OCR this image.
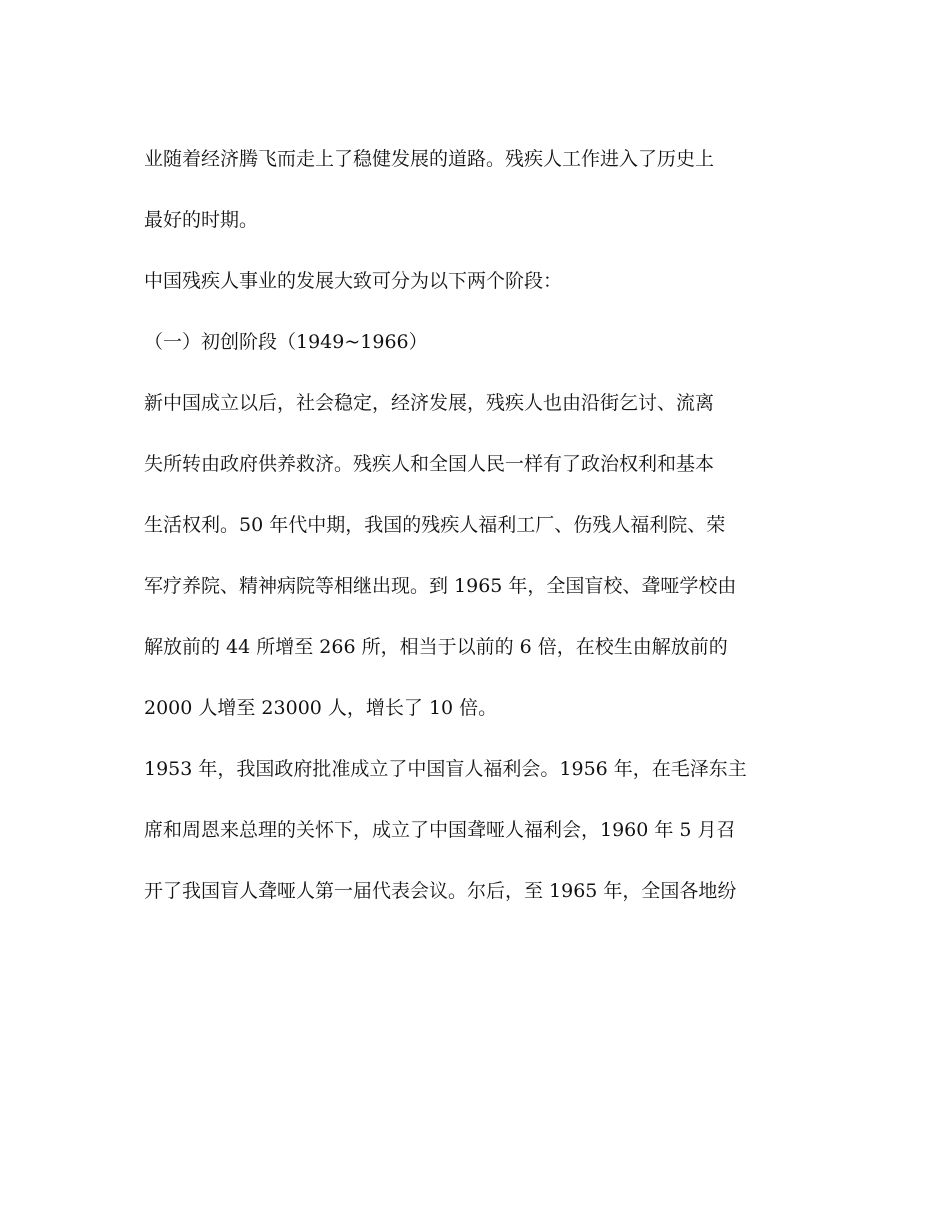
业随着经济腾飞而走上了稳健发展的道路。残疾人工作进入了历史上
最好的时期。
中国残疾人事业的发展大致可分为以下两个阶段：
（一）初创阶段（1949~1966）
新中国成立以后，社会稳定，经济发展，残疾人也由沿街乞讨、流离
失所转由政府供养救济。残疾人和全国人民一样有了政治权利和基本
生活权利。50 年代中期，我国的残疾人福利工厂、伤残人福利院、荣
军疗养院、精神病院等相继出现。到 1965 年，全国盲校、聋哑学校由
解放前的 44 所增至 266 所，相当于以前的 6 倍，在校生由解放前的
2000 人增至 23000 人，增长了 10 倍。
1953 年，我国政府批准成立了中国盲人福利会。1956 年，在毛泽东主
席和周恩来总理的关怀下，成立了中国聋哑人福利会，1960 年 5 月召
开了我国盲人聋哑人第一届代表会议。尔后，至 1965 年，全国各地纷
